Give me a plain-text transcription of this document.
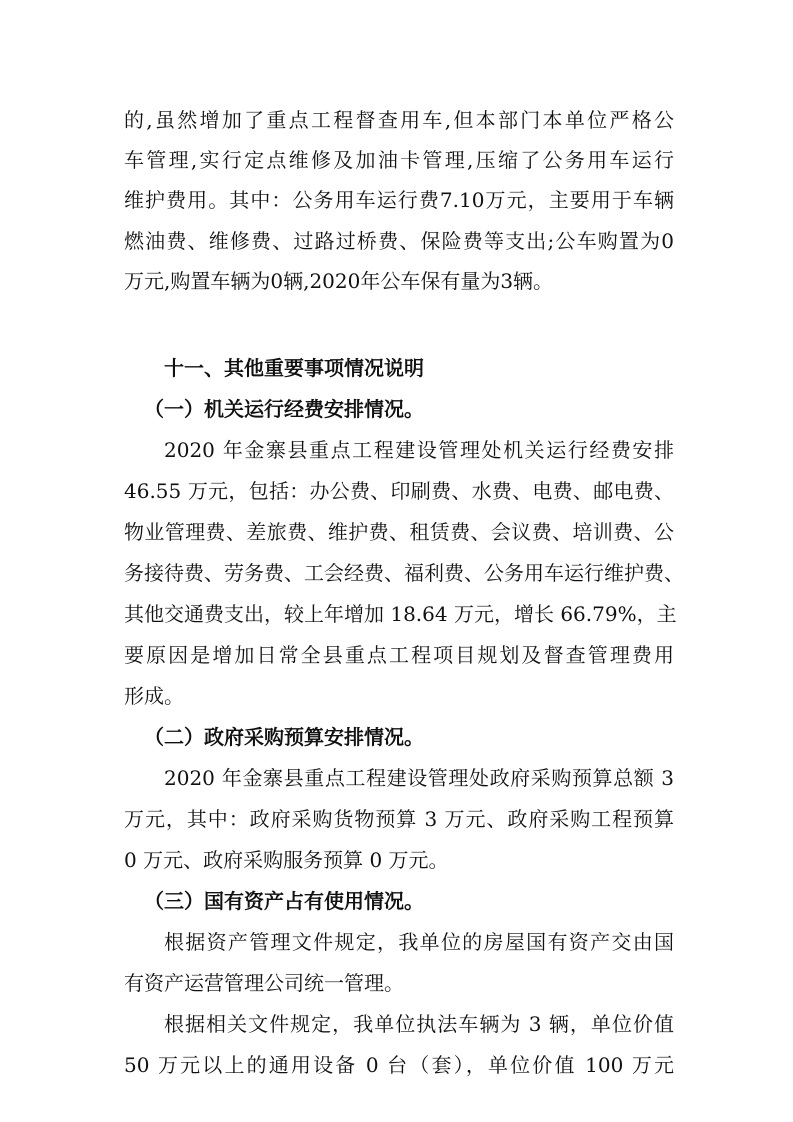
的,虽然增加了重点工程督查用车,但本部门本单位严格公

车管理,实行定点维修及加油卡管理,压缩了公务用车运行

维护费用。其中：公务用车运行费7.10万元，主要用于车辆

燃油费、维修费、过路过桥费、保险费等支出;公车购置为0

万元,购置车辆为0辆,2020年公车保有量为3辆。

十一、其他重要事项情况说明

（一）机关运行经费安排情况。

2020 年金寨县重点工程建设管理处机关运行经费安排

46.55 万元，包括：办公费、印刷费、水费、电费、邮电费、

物业管理费、差旅费、维护费、租赁费、会议费、培训费、公

务接待费、劳务费、工会经费、福利费、公务用车运行维护费、

其他交通费支出，较上年增加 18.64 万元，增长 66.79%，主

要原因是增加日常全县重点工程项目规划及督查管理费用

形成。

（二）政府采购预算安排情况。

2020 年金寨县重点工程建设管理处政府采购预算总额 3

万元，其中：政府采购货物预算 3 万元、政府采购工程预算

0 万元、政府采购服务预算 0 万元。

（三）国有资产占有使用情况。

根据资产管理文件规定，我单位的房屋国有资产交由国

有资产运营管理公司统一管理。

根据相关文件规定，我单位执法车辆为 3 辆，单位价值

50 万元以上的通用设备 0 台（套），单位价值 100 万元
